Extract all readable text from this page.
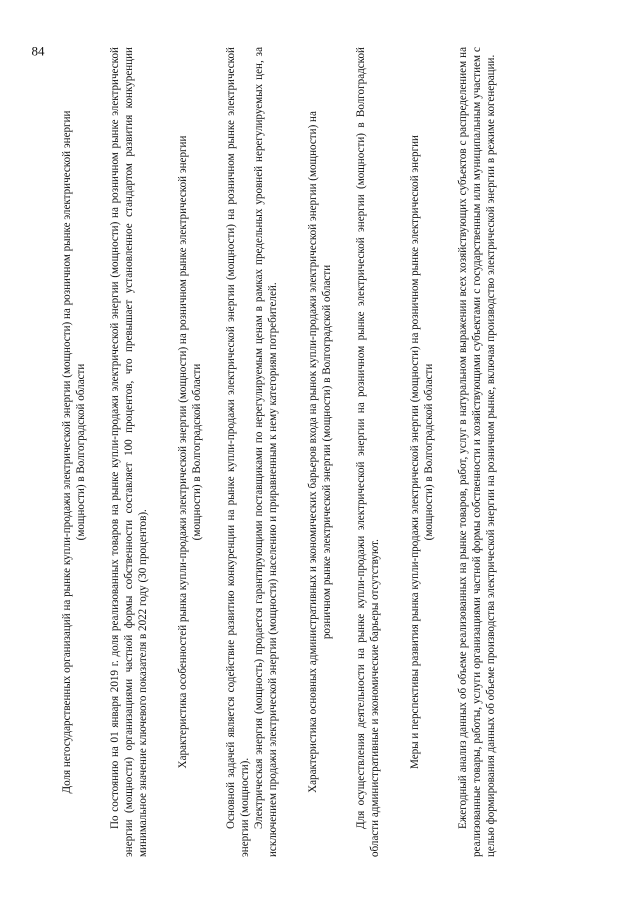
84

Доля негосударственных организаций на рынке купли-продажи электрической энергии (мощности) на розничном рынке электрической энергии (мощности) в Волгоградской области По состоянию на 01 января 2019 г. доля реализованных товаров на рынке купли-продажи электрической энергии (мощности) на розничном рынке электрической энергии (мощности) организациями частной формы собственности составляет 100 процентов, что превышает установленное стандартом развития конкуренции минимальное значение ключевого показателя в 2022 году (30 процентов).	Характеристика особенностей рынка купли-продажи электрической энергии (мощности) на розничном рынке электрической энергии (мощности) в Волгоградской области Основной задачей является содействие развитию конкуренции на рынке купли-продажи электрической энергии (мощности) на розничном рынке электрической энергии (мощности). Электрическая энергия (мощность) продается гарантирующими поставщиками по нерегулируемым ценам в рамках предельных уровней нерегулируемых цен, за исключением продажи электрической энергии (мощности) населению и приравненным к нему категориям потребителей.	Характеристика основных административных и экономических барьеров входа на рынок купли-продажи электрической энергии (мощности) на розничном рынке электрической энергии (мощности) в Волгоградской области Для осуществления деятельности на рынке купли-продажи электрической энергии на розничном рынке электрической энергии (мощности) в Волгоградской области административные и экономические барьеры отсутствуют.	Меры и перспективы развития рынка купли-продажи электрической энергии (мощности) на розничном рынке электрической энергии (мощности) в Волгоградской области Ежегодный анализ данных об объеме реализованных на рынке товаров, работ, услуг в натуральном выражении всех хозяйствующих субъектов с распределением на реализованные товары, работы, услуги организациями частной формы собственности и хозяйствующими субъектами с государственным или муниципальным участием с целью формирования данных об объеме производства электрической энергии на розничном рынке, включая производство электрической энергии в режиме когенерации.
